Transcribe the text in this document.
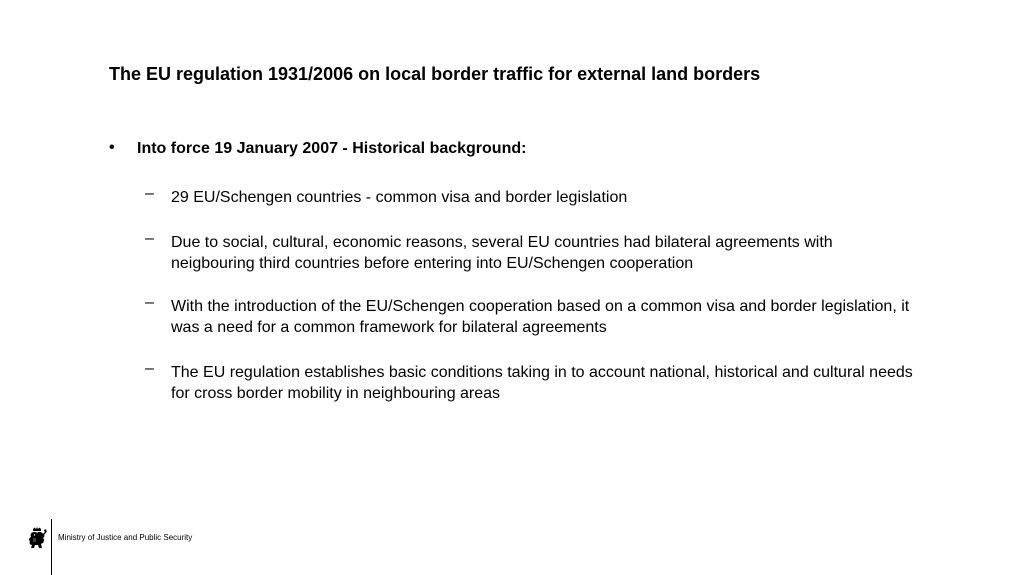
The EU regulation 1931/2006 on local border traffic for external land borders
• Into force 19 January 2007 - Historical background:
– 29 EU/Schengen countries - common visa and border legislation
– Due to social, cultural, economic reasons, several EU countries had bilateral agreements with neigbouring third countries before entering into EU/Schengen cooperation
– With the introduction of the EU/Schengen cooperation based on a common visa and border legislation, it was a need for a common framework for bilateral agreements
– The EU regulation establishes basic conditions taking in to account national, historical and cultural needs for cross border mobility in neighbouring areas
Ministry of Justice and Public Security
